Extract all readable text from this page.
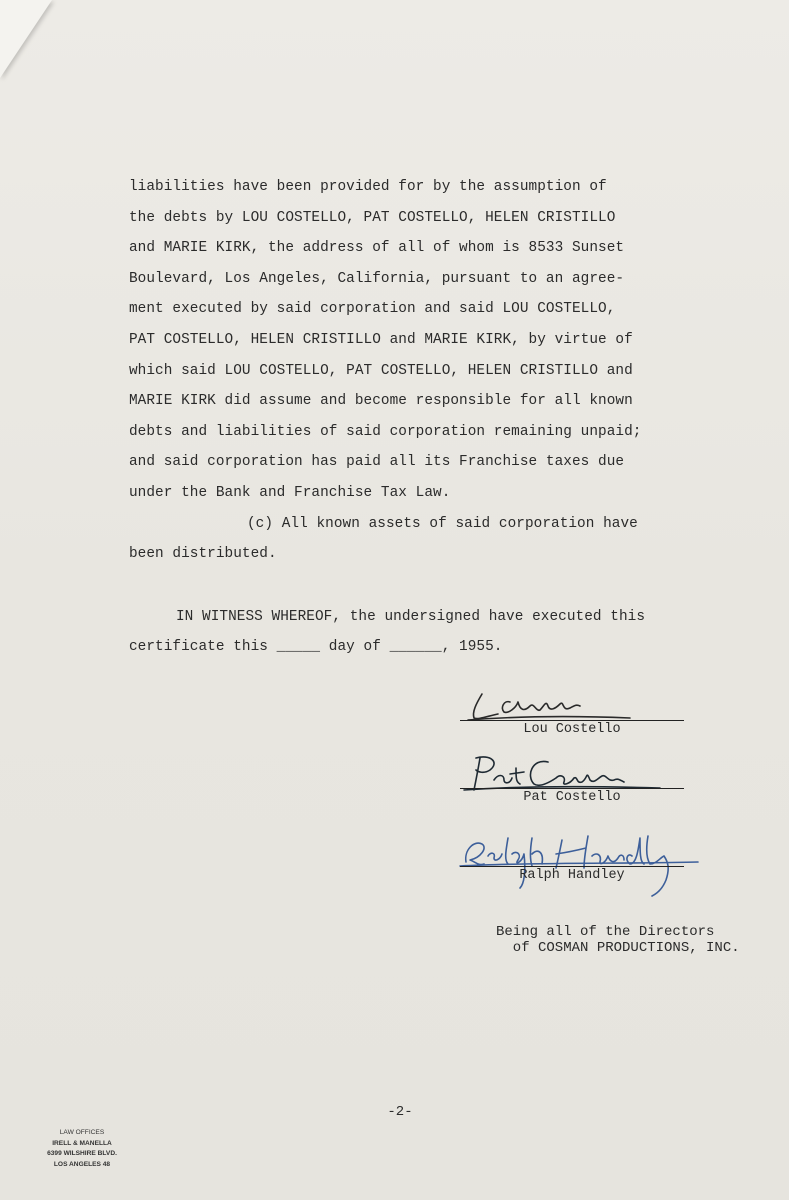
liabilities have been provided for by the assumption of
the debts by LOU COSTELLO, PAT COSTELLO, HELEN CRISTILLO
and MARIE KIRK, the address of all of whom is 8533 Sunset
Boulevard, Los Angeles, California, pursuant to an agree-
ment executed by said corporation and said LOU COSTELLO,
PAT COSTELLO, HELEN CRISTILLO and MARIE KIRK, by virtue of
which said LOU COSTELLO, PAT COSTELLO, HELEN CRISTILLO and
MARIE KIRK did assume and become responsible for all known
debts and liabilities of said corporation remaining unpaid;
and said corporation has paid all its Franchise taxes due
under the Bank and Franchise Tax Law.
(c) All known assets of said corporation have
been distributed.
IN WITNESS WHEREOF, the undersigned have executed this
certificate this _____ day of ______, 1955.
Lou Costello
Pat Costello
Ralph Handley
Being all of the Directors
of COSMAN PRODUCTIONS, INC.
-2-
LAW OFFICES
IRELL & MANELLA
6399 WILSHIRE BLVD.
LOS ANGELES 48
